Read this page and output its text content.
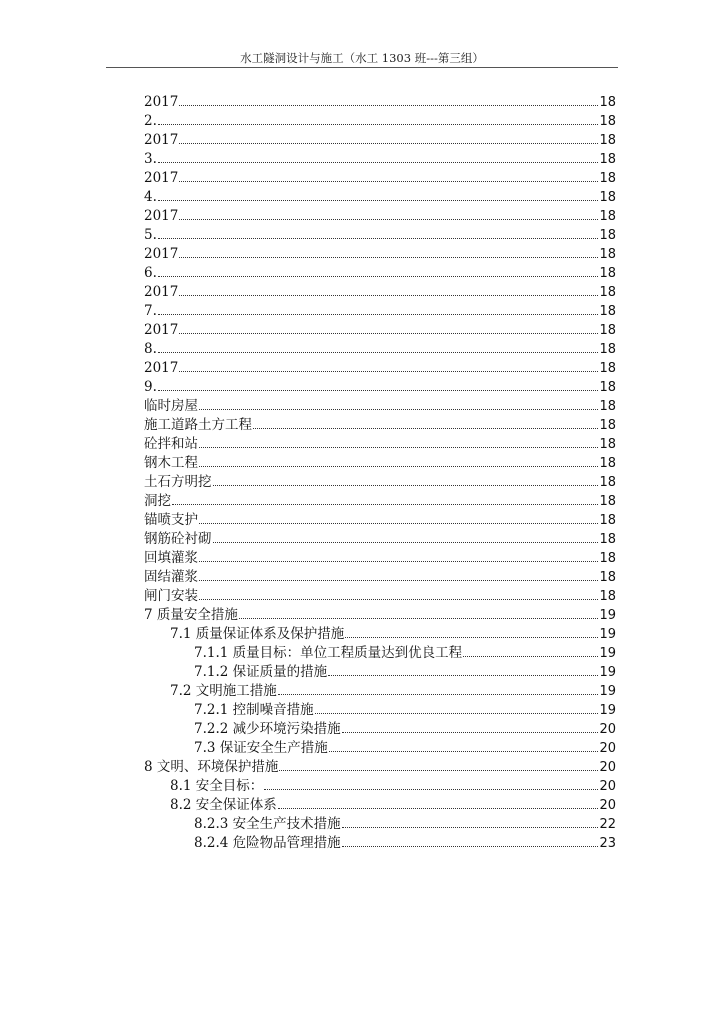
水工隧洞设计与施工（水工 1303 班---第三组）
2017	18
2.	18
2017	18
3.	18
2017	18
4.	18
2017	18
5.	18
2017	18
6.	18
2017	18
7.	18
2017	18
8.	18
2017	18
9.	18
临时房屋	18
施工道路土方工程	18
砼拌和站	18
钢木工程	18
土石方明挖	18
洞挖	18
锚喷支护	18
钢筋砼衬砌	18
回填灌浆	18
固结灌浆	18
闸门安装	18
7 质量安全措施	19
7.1 质量保证体系及保护措施	19
7.1.1 质量目标：单位工程质量达到优良工程	19
7.1.2 保证质量的措施	19
7.2 文明施工措施	19
7.2.1 控制噪音措施	19
7.2.2 减少环境污染措施	20
7.3 保证安全生产措施	20
8 文明、环境保护措施	20
8.1 安全目标：	20
8.2 安全保证体系	20
8.2.3 安全生产技术措施	22
8.2.4 危险物品管理措施	23
